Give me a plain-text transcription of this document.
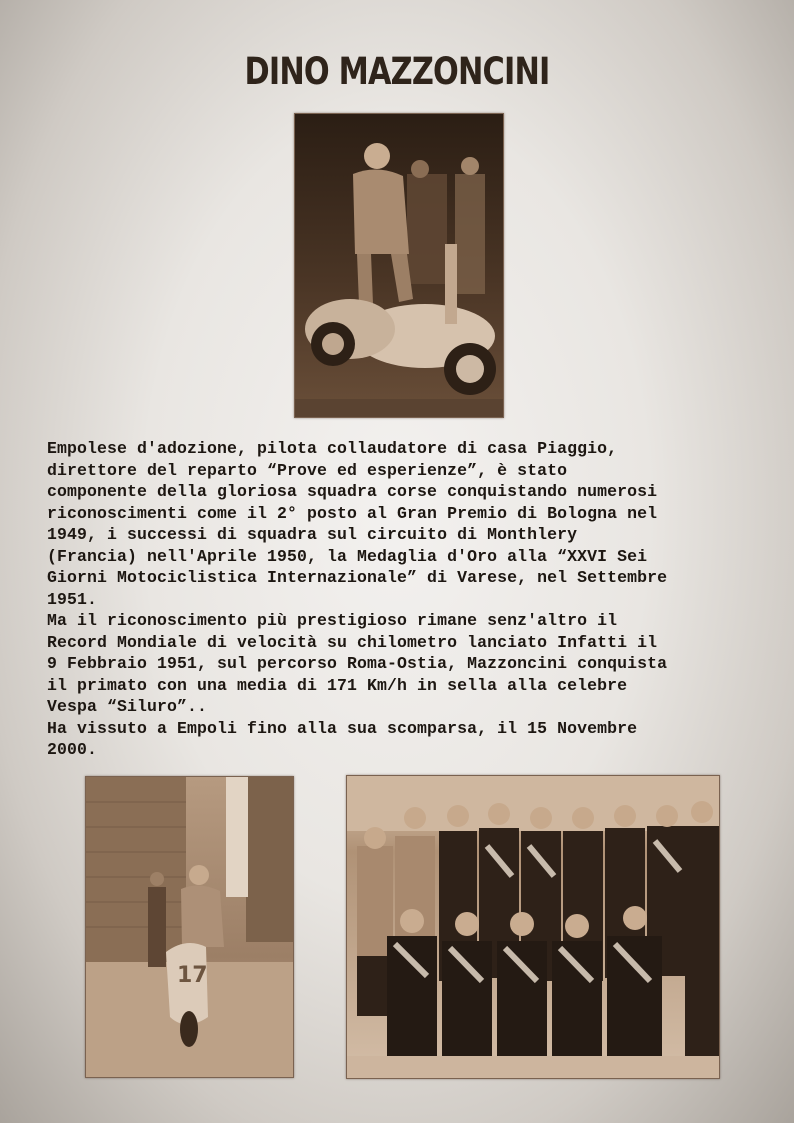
DINO MAZZONCINI
Empolese d'adozione, pilota collaudatore di casa Piaggio,
direttore del reparto “Prove ed esperienze”, è stato
componente della gloriosa squadra corse conquistando numerosi
riconoscimenti come il 2° posto al Gran Premio di Bologna nel
1949, i successi di squadra sul circuito di Monthlery
(Francia) nell'Aprile 1950, la Medaglia d'Oro alla “XXVI Sei
Giorni Motociclistica Internazionale” di Varese, nel Settembre
1951.
Ma il riconoscimento più prestigioso rimane senz'altro il
Record Mondiale di velocità su chilometro lanciato Infatti il
9 Febbraio 1951, sul percorso Roma-Ostia, Mazzoncini conquista
il primato con una media di 171 Km/h in sella alla celebre
Vespa “Siluro”..
Ha vissuto a Empoli fino alla sua scomparsa, il 15 Novembre
2000.
17
